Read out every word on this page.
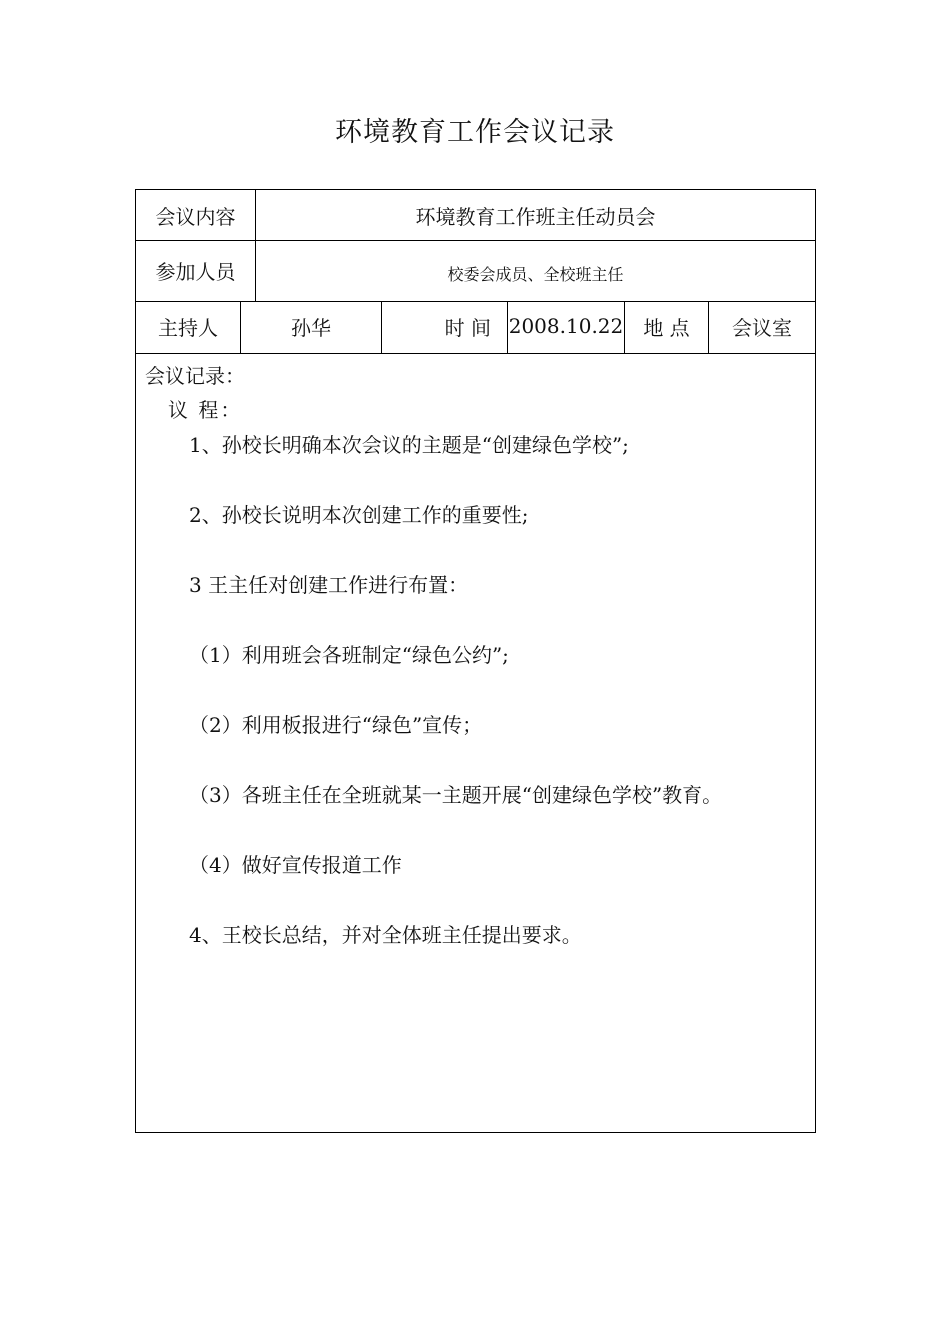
环境教育工作会议记录
会议内容	环境教育工作班主任动员会
参加人员	校委会成员、全校班主任
主持人	孙华	时 间 2008.10.22	地 点	会议室
会议记录：
议 程：
1、孙校长明确本次会议的主题是“创建绿色学校”;
2、孙校长说明本次创建工作的重要性;
3 王主任对创建工作进行布置：
（1）利用班会各班制定“绿色公约”;
（2）利用板报进行“绿色”宣传；
（3）各班主任在全班就某一主题开展“创建绿色学校”教育。
（4）做好宣传报道工作
4、王校长总结，并对全体班主任提出要求。
